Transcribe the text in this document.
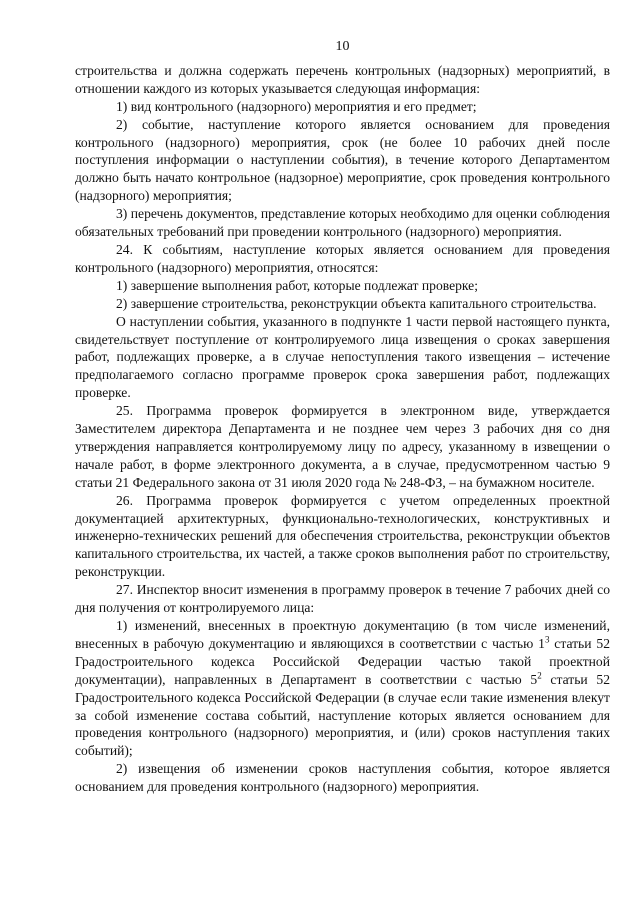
10

строительства и должна содержать перечень контрольных (надзорных) мероприятий, в отношении каждого из которых указывается следующая информация:

1) вид контрольного (надзорного) мероприятия и его предмет;

2) событие, наступление которого является основанием для проведения контрольного (надзорного) мероприятия, срок (не более 10 рабочих дней после поступления информации о наступлении события), в течение которого Департаментом должно быть начато контрольное (надзорное) мероприятие, срок проведения контрольного (надзорного) мероприятия;

3) перечень документов, представление которых необходимо для оценки соблюдения обязательных требований при проведении контрольного (надзорного) мероприятия.

24. К событиям, наступление которых является основанием для проведения контрольного (надзорного) мероприятия, относятся:

1) завершение выполнения работ, которые подлежат проверке;

2) завершение строительства, реконструкции объекта капитального строительства.

О наступлении события, указанного в подпункте 1 части первой настоящего пункта, свидетельствует поступление от контролируемого лица извещения о сроках завершения работ, подлежащих проверке, а в случае непоступления такого извещения – истечение предполагаемого согласно программе проверок срока завершения работ, подлежащих проверке.

25. Программа проверок формируется в электронном виде, утверждается Заместителем директора Департамента и не позднее чем через 3 рабочих дня со дня утверждения направляется контролируемому лицу по адресу, указанному в извещении о начале работ, в форме электронного документа, а в случае, предусмотренном частью 9 статьи 21 Федерального закона от 31 июля 2020 года № 248-ФЗ, – на бумажном носителе.

26. Программа проверок формируется с учетом определенных проектной документацией архитектурных, функционально-технологических, конструктивных и инженерно-технических решений для обеспечения строительства, реконструкции объектов капитального строительства, их частей, а также сроков выполнения работ по строительству, реконструкции.

27. Инспектор вносит изменения в программу проверок в течение 7 рабочих дней со дня получения от контролируемого лица:

1) изменений, внесенных в проектную документацию (в том числе изменений, внесенных в рабочую документацию и являющихся в соответствии с частью $1^3$ статьи 52 Градостроительного кодекса Российской Федерации частью такой проектной документации), направленных в Департамент в соответствии с частью $5^2$ статьи 52 Градостроительного кодекса Российской Федерации (в случае если такие изменения влекут за собой изменение состава событий, наступление которых является основанием для проведения контрольного (надзорного) мероприятия, и (или) сроков наступления таких событий);

2) извещения об изменении сроков наступления события, которое является основанием для проведения контрольного (надзорного) мероприятия.
